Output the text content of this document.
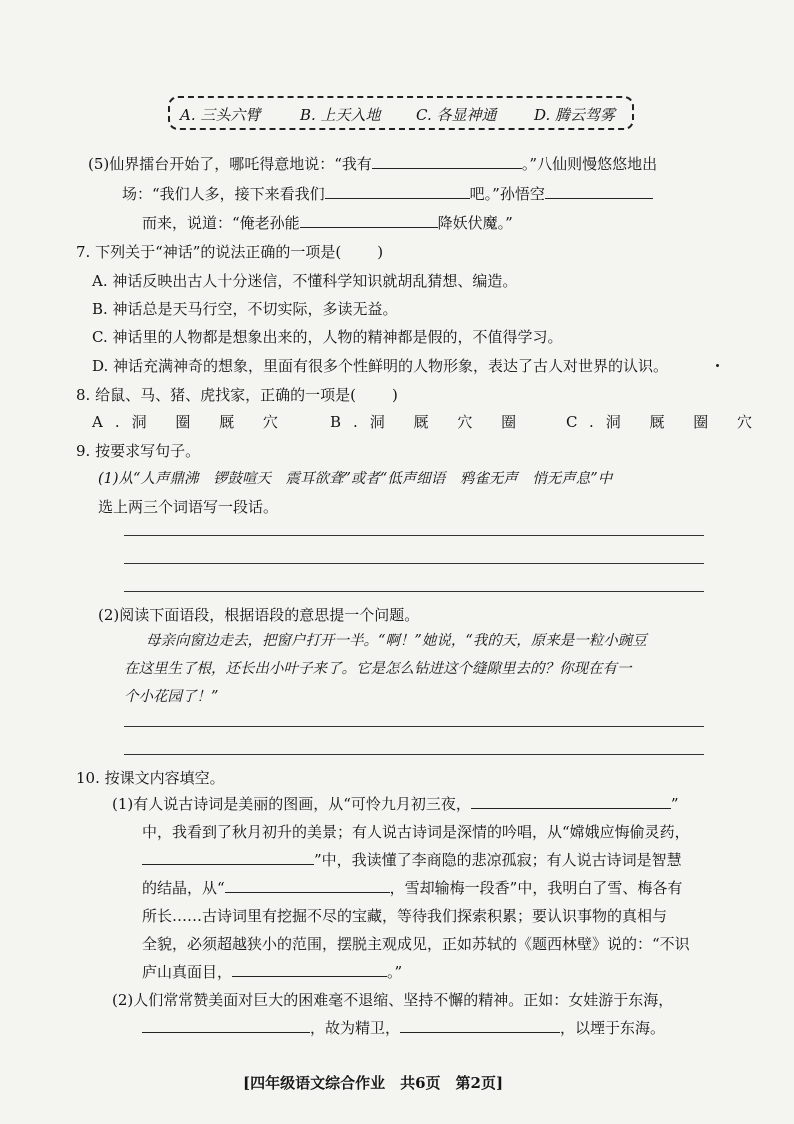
A. 三头六臂	B. 上天入地 C. 各显神通	D. 腾云驾雾
(5)仙界擂台开始了，哪吒得意地说：“我有	。”八仙则慢悠悠地出
场：“我们人多，接下来看我们	吧。”孙悟空
而来，说道：“俺老孙能	降妖伏魔。”
7. 下列关于“神话”的说法正确的一项是( )
A. 神话反映出古人十分迷信，不懂科学知识就胡乱猜想、编造。
B. 神话总是天马行空，不切实际，多读无益。
C. 神话里的人物都是想象出来的，人物的精神都是假的，不值得学习。
D. 神话充满神奇的想象，里面有很多个性鲜明的人物形象，表达了古人对世界的认识。
8. 给鼠、马、猪、虎找家，正确的一项是( )
A.洞 圈 厩 穴	B.洞 厩 穴 圈	C.洞 厩 圈 穴
9. 按要求写句子。
(1)从“人声鼎沸　锣鼓喧天　震耳欲聋”或者“低声细语　鸦雀无声　悄无声息”中
选上两三个词语写一段话。
(2)阅读下面语段，根据语段的意思提一个问题。
母亲向窗边走去，把窗户打开一半。“啊！”她说，“我的天，原来是一粒小豌豆
在这里生了根，还长出小叶子来了。它是怎么钻进这个缝隙里去的？你现在有一
个小花园了！”
10. 按课文内容填空。
(1)有人说古诗词是美丽的图画，从“可怜九月初三夜，	”
中，我看到了秋月初升的美景；有人说古诗词是深情的吟唱，从“嫦娥应悔偷灵药，
”中，我读懂了李商隐的悲凉孤寂；有人说古诗词是智慧
的结晶，从“	，雪却输梅一段香”中，我明白了雪、梅各有
所长……古诗词里有挖掘不尽的宝藏，等待我们探索积累；要认识事物的真相与
全貌，必须超越狭小的范围，摆脱主观成见，正如苏轼的《题西林壁》说的：“不识
庐山真面目，	。”
(2)人们常常赞美面对巨大的困难毫不退缩、坚持不懈的精神。正如：女娃游于东海，
，故为精卫，	，以堙于东海。
[四年级语文综合作业　共6页　第2页]
